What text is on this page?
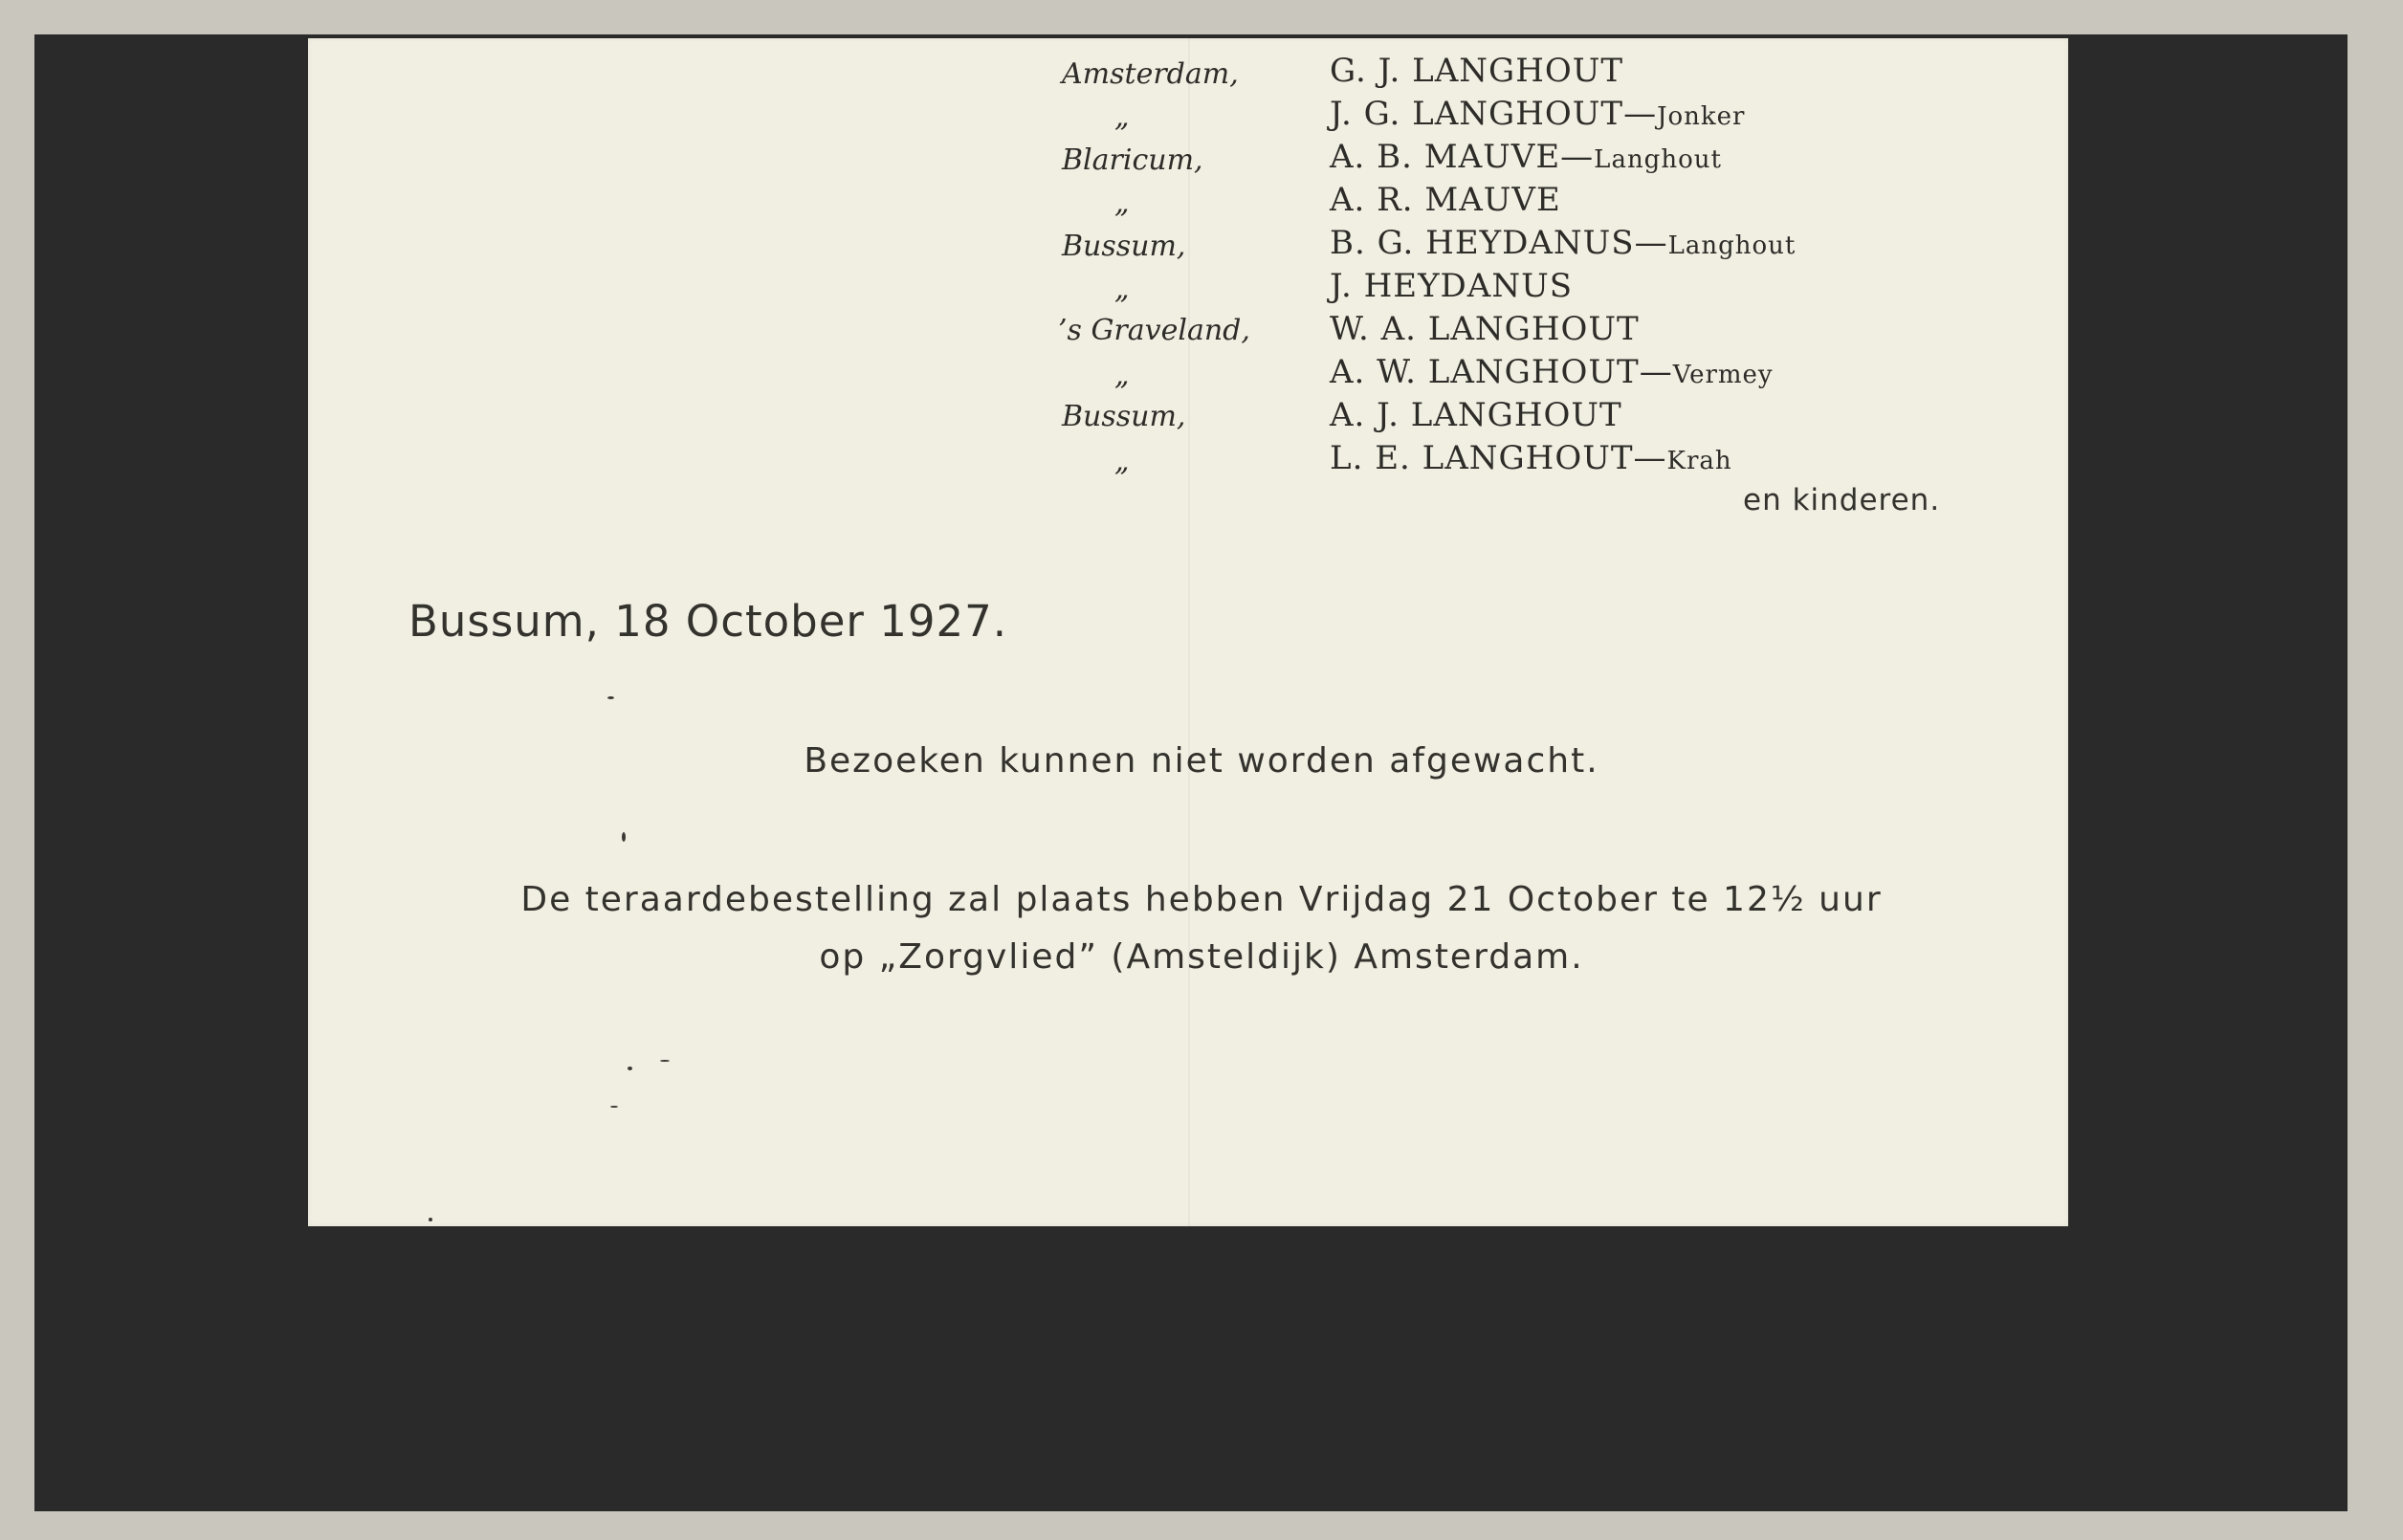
Amsterdam,
„
Blaricum,
„
Bussum,
„
’s Graveland,
„
Bussum,
„
G. J. LANGHOUT
J. G. LANGHOUT—Jonker
A. B. MAUVE—Langhout
A. R. MAUVE
B. G. HEYDANUS—Langhout
J. HEYDANUS
W. A. LANGHOUT
A. W. LANGHOUT—Vermey
A. J. LANGHOUT
L. E. LANGHOUT—Krah
en kinderen.
Bussum, 18 October 1927.
Bezoeken kunnen niet worden afgewacht.
De teraardebestelling zal plaats hebben Vrijdag 21 October te 12½ uur
op „Zorgvlied” (Amsteldijk) Amsterdam.
